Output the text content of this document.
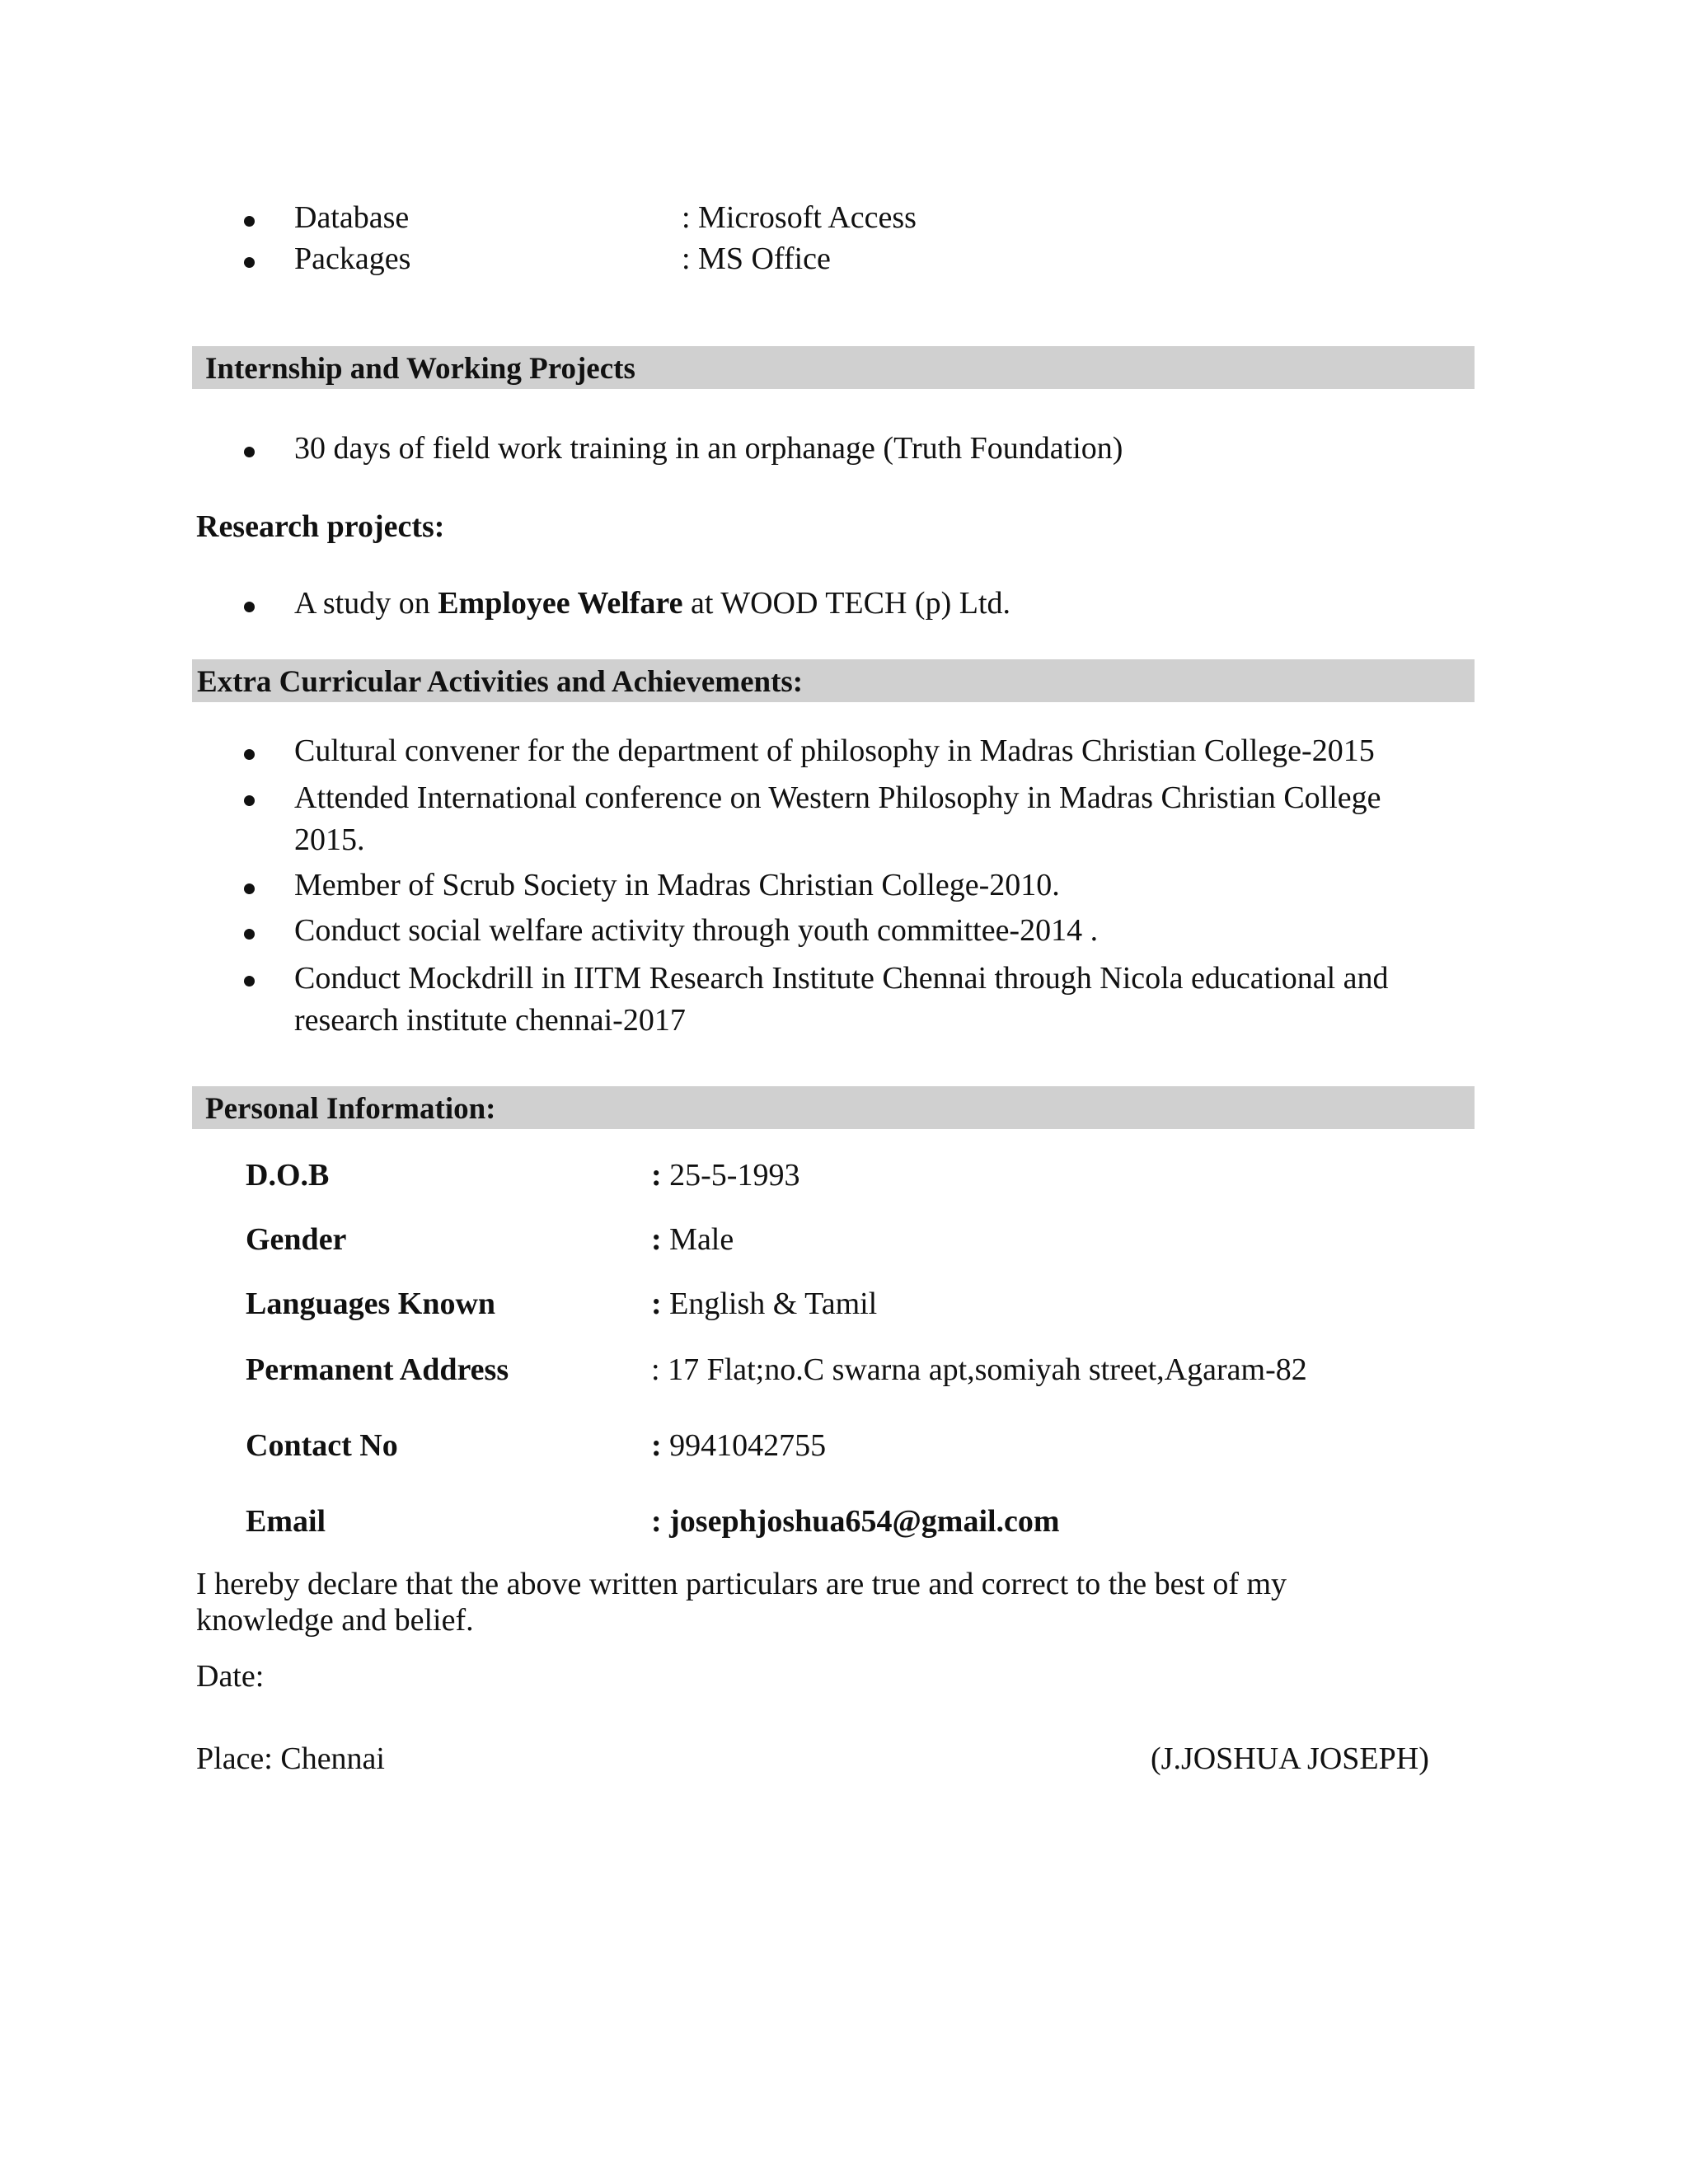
Database	: Microsoft Access
Packages	: MS Office
Internship and Working Projects
30 days of field work training in an orphanage (Truth Foundation)
Research projects:
A study on Employee Welfare at WOOD TECH (p) Ltd.
Extra Curricular Activities and Achievements:
Cultural convener for the department of philosophy in Madras Christian College-2015
Attended International conference on Western Philosophy in Madras Christian College 2015.
Member of Scrub Society in Madras Christian College-2010.
Conduct social welfare activity through youth committee-2014 .
Conduct Mockdrill in IITM Research Institute Chennai through Nicola educational and research institute chennai-2017
Personal Information:
D.O.B	: 25-5-1993
Gender	: Male
Languages Known	: English & Tamil
Permanent Address	: 17 Flat;no.C swarna apt,somiyah street,Agaram-82
Contact No	: 9941042755
Email	: josephjoshua654@gmail.com
I hereby declare that the above written particulars are true and correct to the best of my knowledge and belief.
Date:
Place: Chennai	(J.JOSHUA JOSEPH)
